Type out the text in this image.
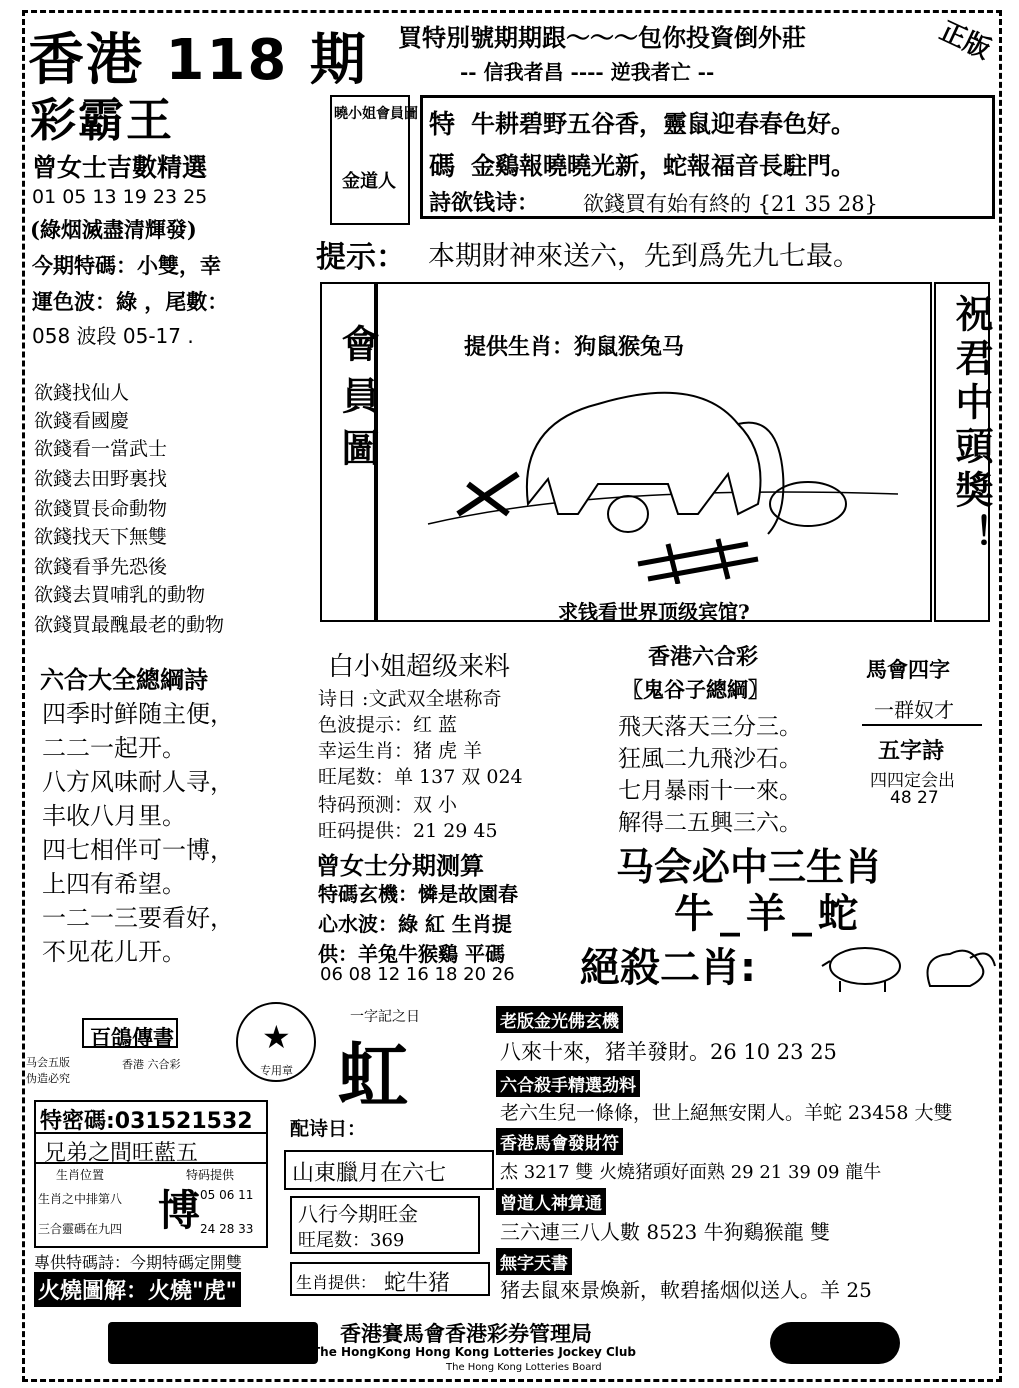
香港 118 期 買特別號期期跟～～～包你投資倒外莊
-- 信我者昌 ---- 逆我者亡 --
正版
彩霸王
曾女士吉數精選
01 05 13 19 23 25
(綠烟滅盡清輝發)
今期特碼：小雙，幸
運色波：綠 ，尾數：
058 波段 05-17 .
欲錢找仙人
欲錢看國慶
欲錢看一當武士
欲錢去田野裏找
欲錢買長命動物
欲錢找天下無雙
欲錢看爭先恐後
欲錢去買哺乳的動物
欲錢買最醜最老的動物
曉小姐會員圖
金道人
特
碼
牛耕碧野五谷香，靈鼠迎春春色好。
金鷄報曉曉光新，蛇報福音長駐門。
詩欲钱诗： 欲錢買有始有終的 {21 35 28}
提示： 本期財神來送六，先到爲先九七最。
會員圖	提供生肖：狗鼠猴兔马
求钱看世界顶级宾馆?
祝君中頭獎！
六合大全總綱詩
四季时鲜随主便，
二二一起开。
八方风味耐人寻，
丰收八月里。
四七相伴可一博，
上四有希望。
一二一三要看好，
不见花儿开。
白小姐超级来料
诗日 :文武双全堪称奇
色波提示：红 蓝
幸运生肖：猪 虎 羊
旺尾数：单 137 双 024
特码预测：双 小
旺码提供：21 29 45
曾女士分期测算
特碼玄機：憐是故園春
心水波：綠 紅 生肖提
供：羊兔牛猴鷄 平碼
06 08 12 16 18 20 26
香港六合彩
〖鬼谷子總綱〗
飛天落天三分三。
狂風二九飛沙石。
七月暴雨十一來。
解得二五興三六。
馬會四字
一群奴才
五字詩
四四定会出
48 27
马会必中三生肖
牛_羊_蛇
絕殺二肖:
百鴿傳書
香港 六合彩
马会五版
伪造必究
★
专用章
特密碼:031521532
兄弟之間旺藍五
生肖位置	特码提供
生肖之中排第八
三合靈碼在九四 博 05 06 11
24 28 33
專供特碼詩：今期特碼定開雙
火燒圖解：火燒"虎"
一字記之日
虹
配诗日：
山東臘月在六七
八行今期旺金
旺尾数：369
生肖提供： 蛇牛猪
老版金光佛玄機
八來十來，猪羊發財。26 10 23 25
六合殺手精選劲料
老六生兒一條條，世上絕無安閑人。羊蛇 23458 大雙
香港馬會發財符
杰 3217 雙 火燒猪頭好面熟 29 21 39 09 龍牛
曾道人神算通
三六連三八人數 8523 牛狗鷄猴龍 雙
無字天書
猪去鼠來景煥新，軟碧搖烟似送人。羊 25
香港賽馬會香港彩券管理局
The HongKong Hong Kong Lotteries Jockey Club
The Hong Kong Lotteries Board
